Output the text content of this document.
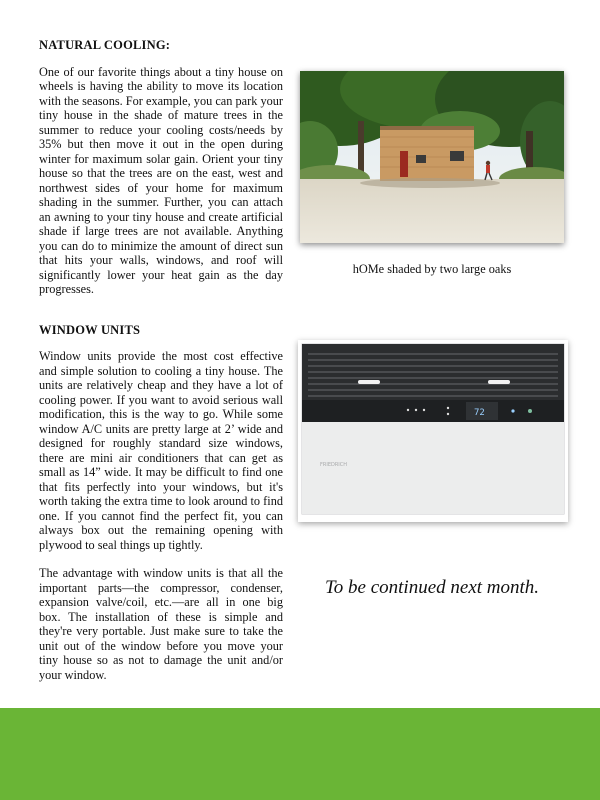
NATURAL COOLING:

One of our favorite things about a tiny house on wheels is having the ability to move its location with the seasons. For example, you can park your tiny house in the shade of mature trees in the summer to reduce your cooling costs/needs by 35% but then move it out in the open during winter for maximum solar gain. Orient your tiny house so that the trees are on the east, west and northwest sides of your home for maximum shading in the summer. Further, you can attach an awning to your tiny house and create artificial shade if large trees are not available. Anything you can do to minimize the amount of direct sun that hits your walls, windows, and roof will significantly lower your heat gain as the day progresses.

WINDOW UNITS

Window units provide the most cost effective and simple solution to cooling a tiny house. The units are relatively cheap and they have a lot of cooling power. If you want to avoid serious wall modification, this is the way to go. While some window A/C units are pretty large at 2’ wide and designed for roughly standard size windows, there are mini air conditioners that can get as small as 14” wide. It may be difficult to find one that fits perfectly into your windows, but it's worth taking the extra time to look around to find one. If you cannot find the perfect fit, you can always box out the remaining opening with plywood to seal things up tightly.

The advantage with window units is that all the important parts—the compressor, condenser, expansion valve/coil, etc.—are all in one big box. The installation of these is simple and they're very portable. Just make sure to take the unit out of the window before you move your tiny house so as not to damage the unit and/or your window.

hOMe shaded by two large oaks
72
FRIEDRICH
To be continued next month.
